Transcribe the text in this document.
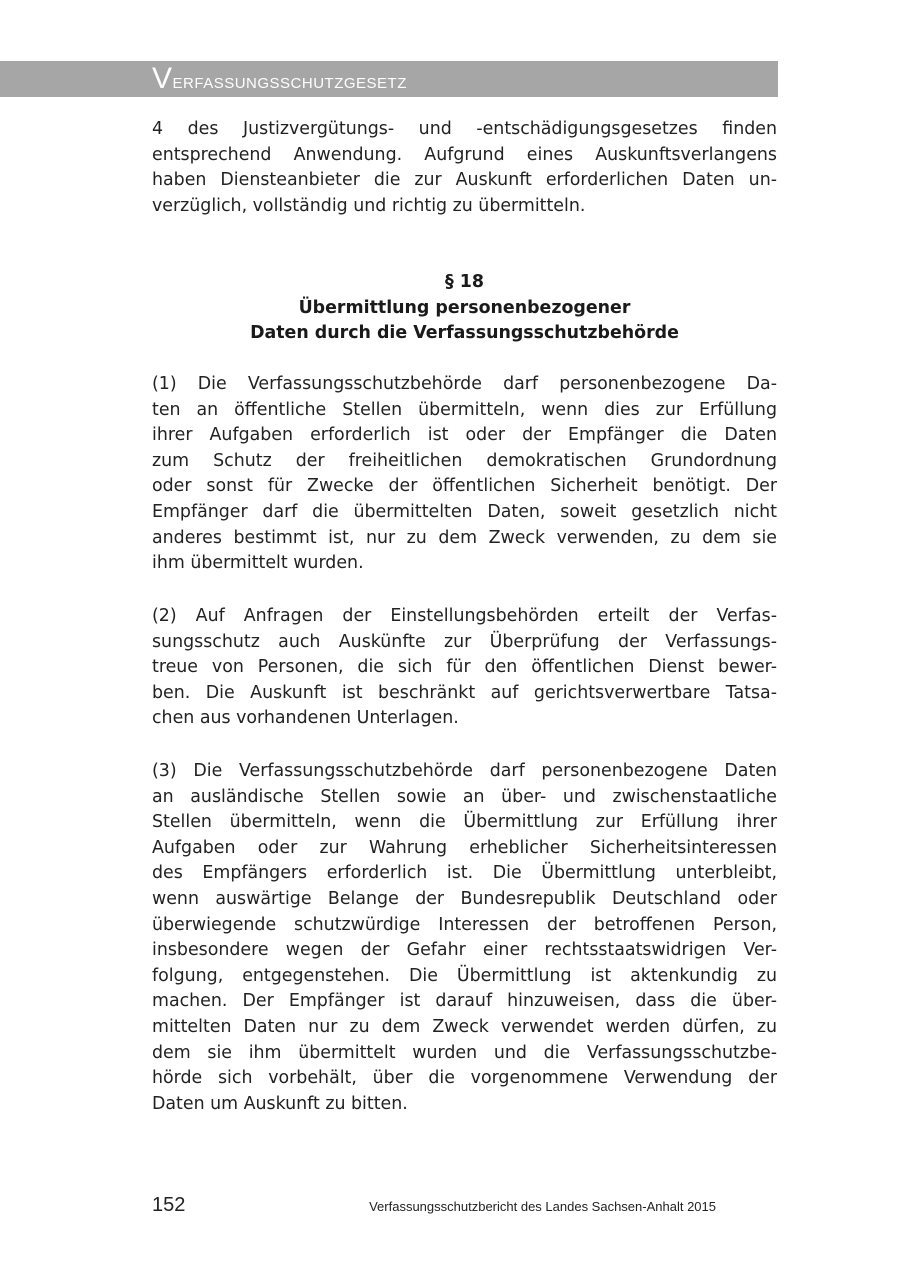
Verfassungsschutzgesetz
4 des Justizvergütungs- und -entschädigungsgesetzes finden
entsprechend Anwendung. Aufgrund eines Auskunftsverlangens
haben Diensteanbieter die zur Auskunft erforderlichen Daten un-
verzüglich, vollständig und richtig zu übermitteln.
§ 18
Übermittlung personenbezogener
Daten durch die Verfassungsschutzbehörde
(1) Die Verfassungsschutzbehörde darf personenbezogene Da-
ten an öffentliche Stellen übermitteln, wenn dies zur Erfüllung
ihrer Aufgaben erforderlich ist oder der Empfänger die Daten
zum Schutz der freiheitlichen demokratischen Grundordnung
oder sonst für Zwecke der öffentlichen Sicherheit benötigt. Der
Empfänger darf die übermittelten Daten, soweit gesetzlich nicht
anderes bestimmt ist, nur zu dem Zweck verwenden, zu dem sie
ihm übermittelt wurden.
(2) Auf Anfragen der Einstellungsbehörden erteilt der Verfas-
sungsschutz auch Auskünfte zur Überprüfung der Verfassungs-
treue von Personen, die sich für den öffentlichen Dienst bewer-
ben. Die Auskunft ist beschränkt auf gerichtsverwertbare Tatsa-
chen aus vorhandenen Unterlagen.
(3) Die Verfassungsschutzbehörde darf personenbezogene Daten
an ausländische Stellen sowie an über- und zwischenstaatliche
Stellen übermitteln, wenn die Übermittlung zur Erfüllung ihrer
Aufgaben oder zur Wahrung erheblicher Sicherheitsinteressen
des Empfängers erforderlich ist. Die Übermittlung unterbleibt,
wenn auswärtige Belange der Bundesrepublik Deutschland oder
überwiegende schutzwürdige Interessen der betroffenen Person,
insbesondere wegen der Gefahr einer rechtsstaatswidrigen Ver-
folgung, entgegenstehen. Die Übermittlung ist aktenkundig zu
machen. Der Empfänger ist darauf hinzuweisen, dass die über-
mittelten Daten nur zu dem Zweck verwendet werden dürfen, zu
dem sie ihm übermittelt wurden und die Verfassungsschutzbe-
hörde sich vorbehält, über die vorgenommene Verwendung der
Daten um Auskunft zu bitten.
152	Verfassungsschutzbericht des Landes Sachsen-Anhalt 2015
